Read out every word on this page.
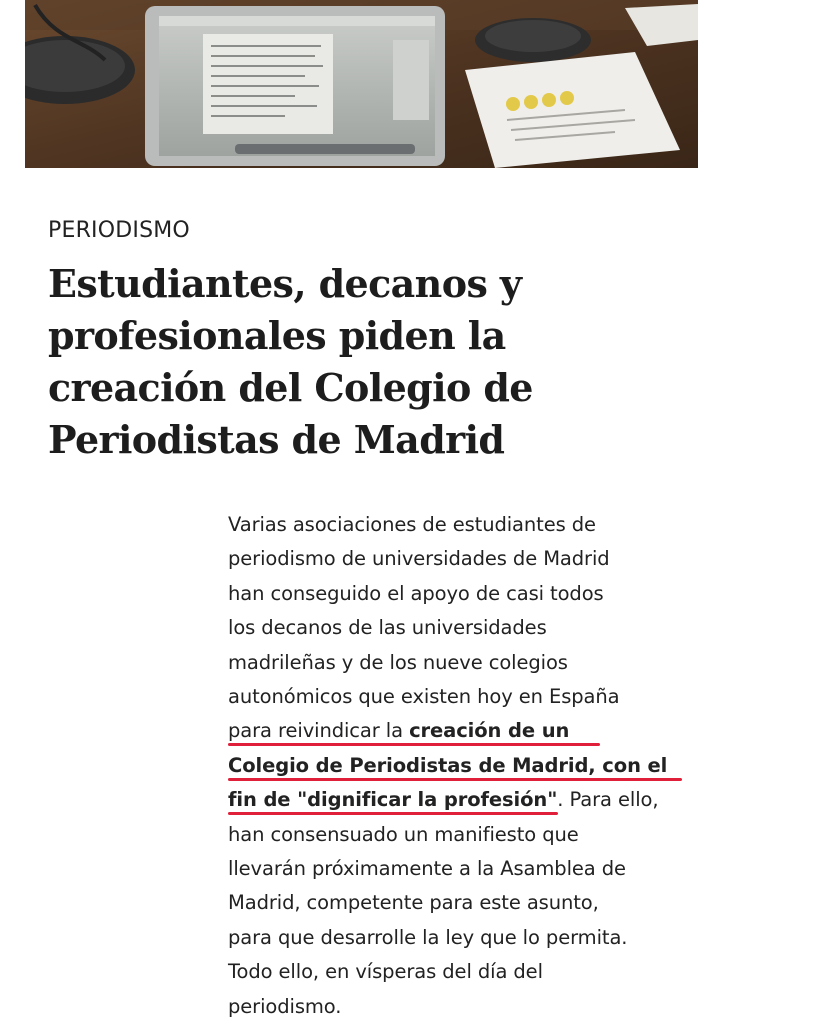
PERIODISMO
Estudiantes, decanos y
profesionales piden la
creación del Colegio de
Periodistas de Madrid
Varias asociaciones de estudiantes de
periodismo de universidades de Madrid
han conseguido el apoyo de casi todos
los decanos de las universidades
madrileñas y de los nueve colegios
autonómicos que existen hoy en España
para reivindicar la creación de un
Colegio de Periodistas de Madrid, con el
fin de "dignificar la profesión". Para ello,
han consensuado un manifiesto que
llevarán próximamente a la Asamblea de
Madrid, competente para este asunto,
para que desarrolle la ley que lo permita.
Todo ello, en vísperas del día del
periodismo.
